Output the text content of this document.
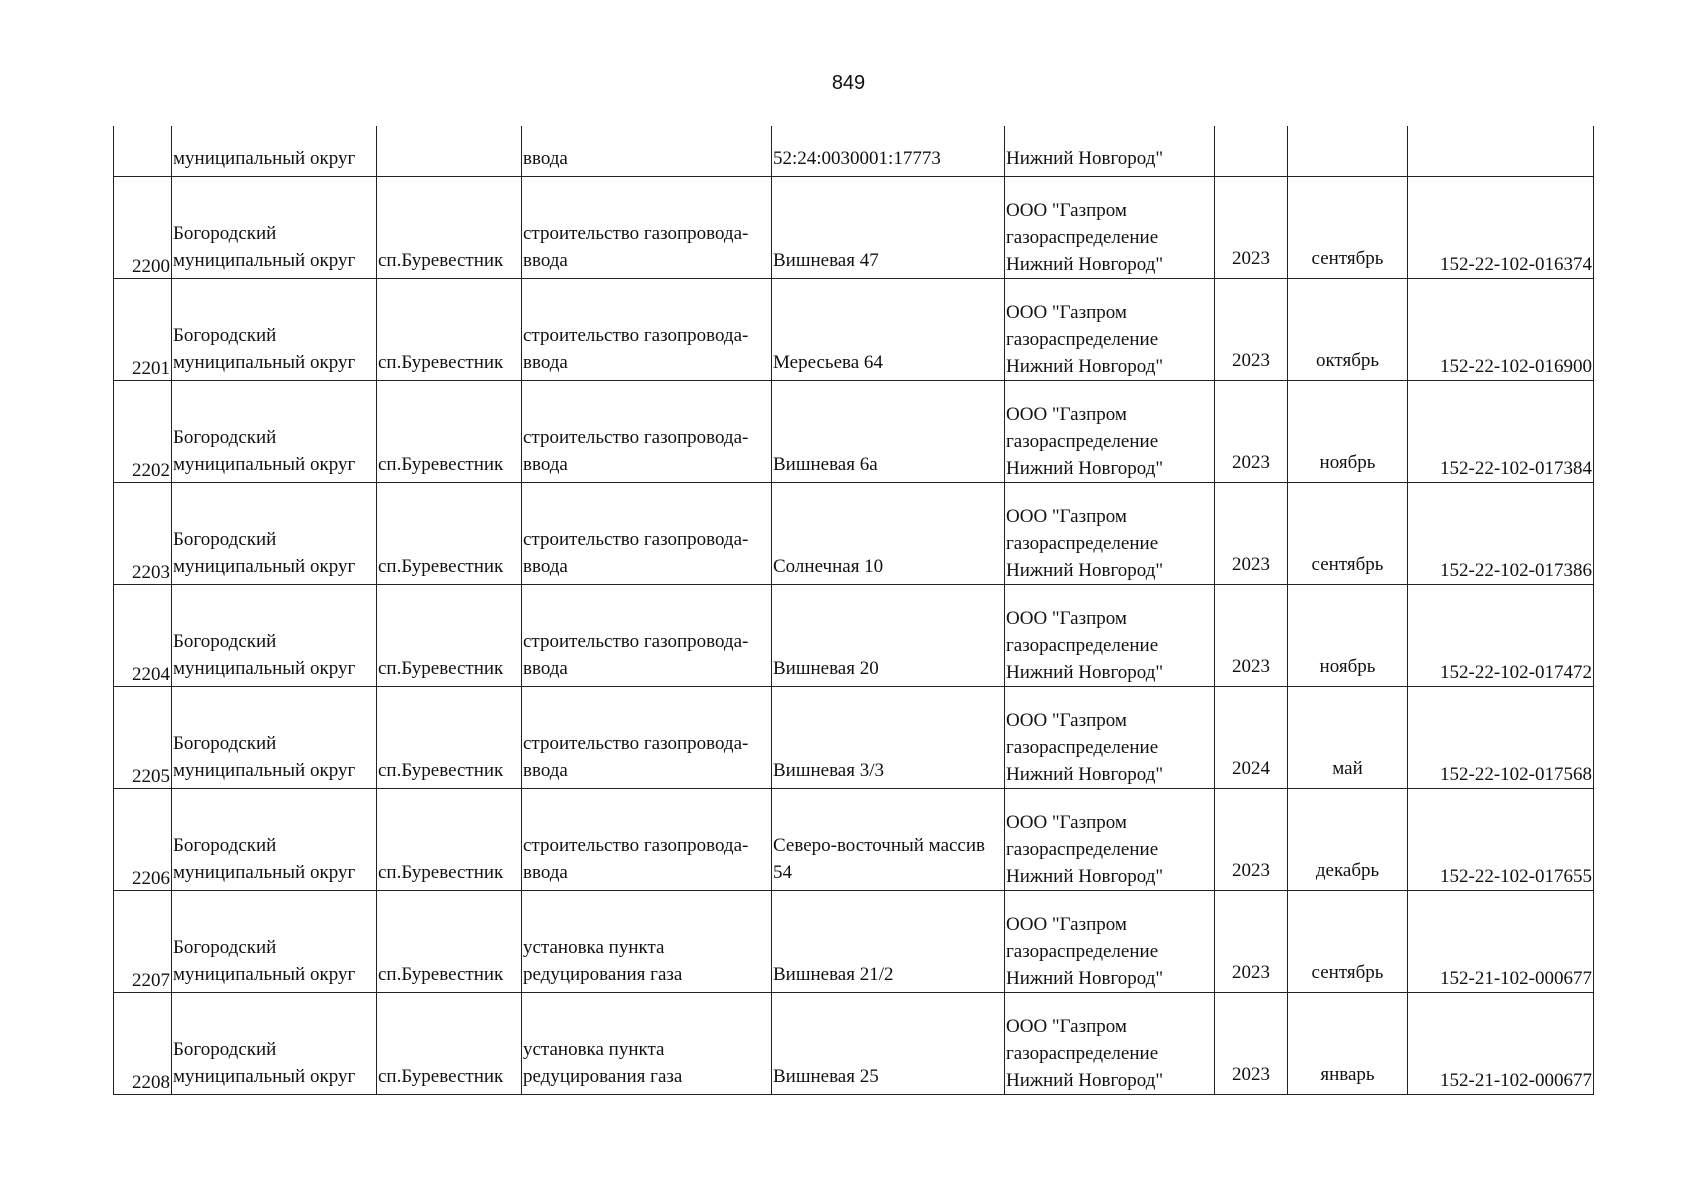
849

	муниципальный округ		ввода	52:24:0030001:17773	Нижний Новгород"			

2200	Богородский
муниципальный округ	сп.Буревестник	строительство газопровода-
ввода	Вишневая 47	ООО "Газпром
газораспределение
Нижний Новгород"	2023	сентябрь	152-22-102-016374

2201	Богородский
муниципальный округ	сп.Буревестник	строительство газопровода-
ввода	Мересьева 64	ООО "Газпром
газораспределение
Нижний Новгород"	2023	октябрь	152-22-102-016900

2202	Богородский
муниципальный округ	сп.Буревестник	строительство газопровода-
ввода	Вишневая 6а	ООО "Газпром
газораспределение
Нижний Новгород"	2023	ноябрь	152-22-102-017384

2203	Богородский
муниципальный округ	сп.Буревестник	строительство газопровода-
ввода	Солнечная 10	ООО "Газпром
газораспределение
Нижний Новгород"	2023	сентябрь	152-22-102-017386

2204	Богородский
муниципальный округ	сп.Буревестник	строительство газопровода-
ввода	Вишневая 20	ООО "Газпром
газораспределение
Нижний Новгород"	2023	ноябрь	152-22-102-017472

2205	Богородский
муниципальный округ	сп.Буревестник	строительство газопровода-
ввода	Вишневая 3/3	ООО "Газпром
газораспределение
Нижний Новгород"	2024	май	152-22-102-017568

2206	Богородский
муниципальный округ	сп.Буревестник	строительство газопровода-
ввода	Северо-восточный массив
54	ООО "Газпром
газораспределение
Нижний Новгород"	2023	декабрь	152-22-102-017655

2207	Богородский
муниципальный округ	сп.Буревестник	установка пункта
редуцирования газа	Вишневая 21/2	ООО "Газпром
газораспределение
Нижний Новгород"	2023	сентябрь	152-21-102-000677

2208	Богородский
муниципальный округ	сп.Буревестник	установка пункта
редуцирования газа	Вишневая 25	ООО "Газпром
газораспределение
Нижний Новгород"	2023	январь	152-21-102-000677
